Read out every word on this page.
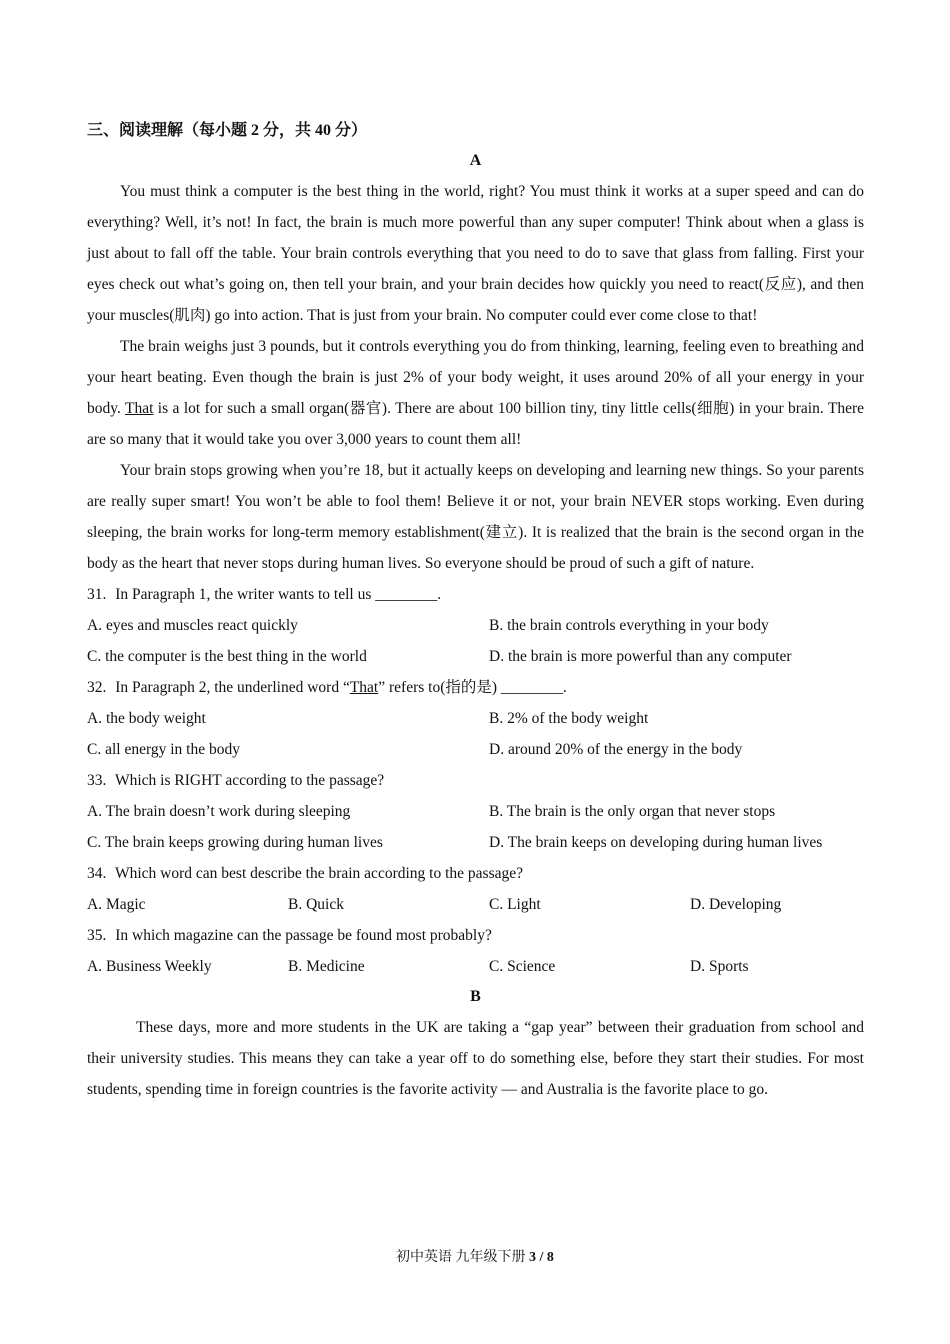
三、阅读理解（每小题 2 分，共 40 分）
A

You must think a computer is the best thing in the world, right? You must think it works at a super speed and can do everything? Well, it’s not! In fact, the brain is much more powerful than any super computer! Think about when a glass is just about to fall off the table. Your brain controls everything that you need to do to save that glass from falling. First your eyes check out what’s going on, then tell your brain, and your brain decides how quickly you need to react(反应), and then your muscles(肌肉) go into action. That is just from your brain. No computer could ever come close to that!

The brain weighs just 3 pounds, but it controls everything you do from thinking, learning, feeling even to breathing and your heart beating. Even though the brain is just 2% of your body weight, it uses around 20% of all your energy in your body. That is a lot for such a small organ(器官). There are about 100 billion tiny, tiny little cells(细胞) in your brain. There are so many that it would take you over 3,000 years to count them all!

Your brain stops growing when you’re 18, but it actually keeps on developing and learning new things. So your parents are really super smart! You won’t be able to fool them! Believe it or not, your brain NEVER stops working. Even during sleeping, the brain works for long-term memory establishment(建立). It is realized that the brain is the second organ in the body as the heart that never stops during human lives. So everyone should be proud of such a gift of nature.

31. In Paragraph 1, the writer wants to tell us ________.

A. eyes and muscles react quickly	B. the brain controls everything in your body
C. the computer is the best thing in the world	D. the brain is more powerful than any computer

32. In Paragraph 2, the underlined word “That” refers to(指的是) ________.

A. the body weight	B. 2% of the body weight
C. all energy in the body	D. around 20% of the energy in the body

33. Which is RIGHT according to the passage?

A. The brain doesn’t work during sleeping	B. The brain is the only organ that never stops
C. The brain keeps growing during human lives	D. The brain keeps on developing during human lives

34. Which word can best describe the brain according to the passage?

A. Magic	B. Quick	C. Light	D. Developing

35. In which magazine can the passage be found most probably?

A. Business Weekly	B. Medicine	C. Science	D. Sports
B

These days, more and more students in the UK are taking a “gap year” between their graduation from school and their university studies. This means they can take a year off to do something else, before they start their studies. For most students, spending time in foreign countries is the favorite activity — and Australia is the favorite place to go.

初中英语 九年级下册 3 / 8
